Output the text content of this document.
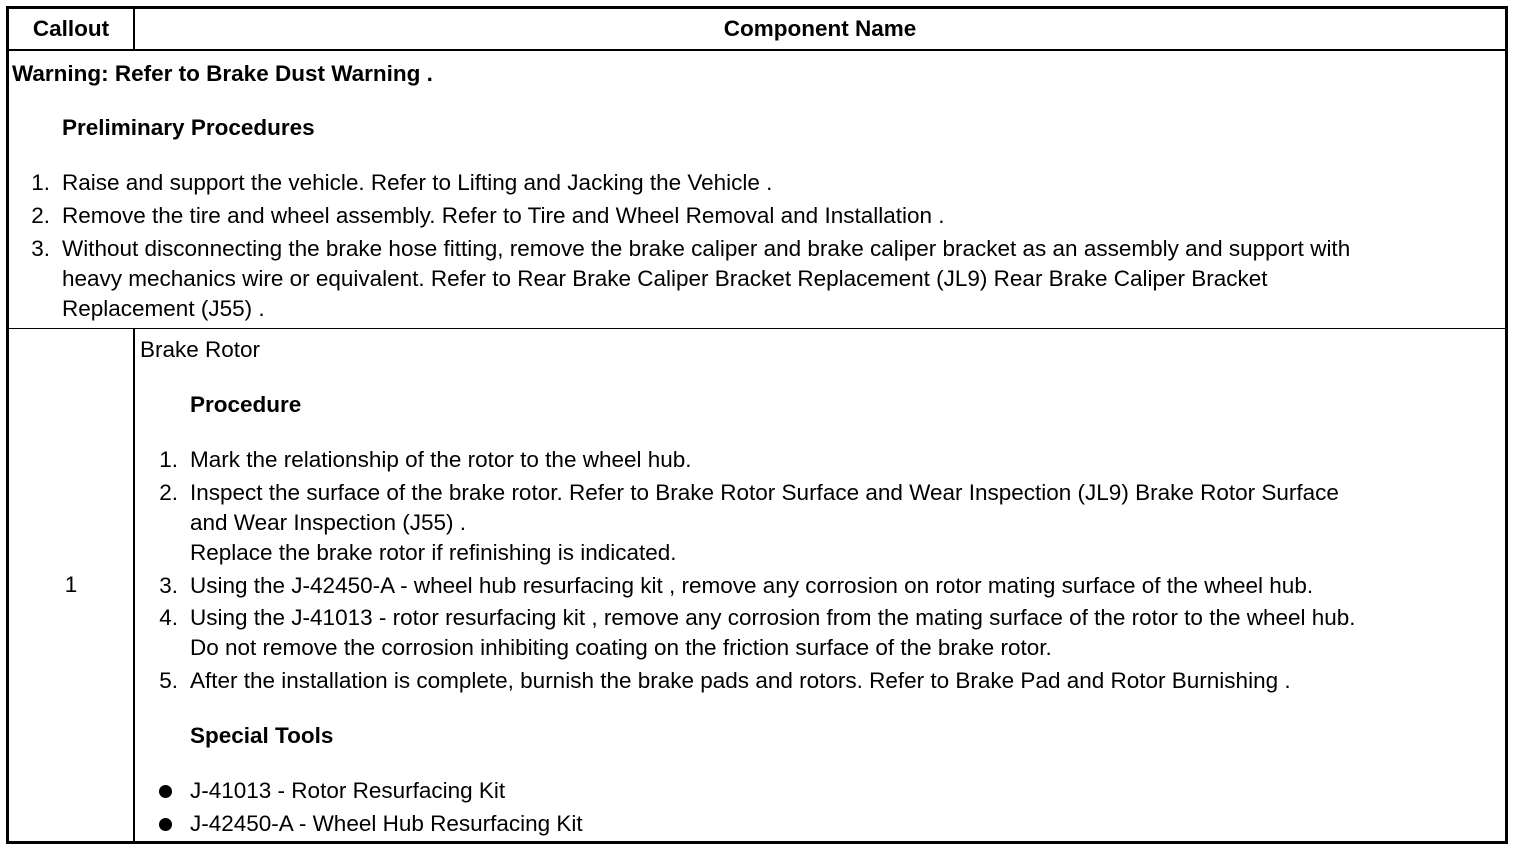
Callout	Component Name
Warning: Refer to Brake Dust Warning .
Preliminary Procedures
1. Raise and support the vehicle. Refer to Lifting and Jacking the Vehicle .
2. Remove the tire and wheel assembly. Refer to Tire and Wheel Removal and Installation .
3. Without disconnecting the brake hose fitting, remove the brake caliper and brake caliper bracket as an assembly and support with
heavy mechanics wire or equivalent. Refer to Rear Brake Caliper Bracket Replacement (JL9) Rear Brake Caliper Bracket
Replacement (J55) .
1
Brake Rotor
Procedure
1. Mark the relationship of the rotor to the wheel hub.
2. Inspect the surface of the brake rotor. Refer to Brake Rotor Surface and Wear Inspection (JL9) Brake Rotor Surface
and Wear Inspection (J55) .
Replace the brake rotor if refinishing is indicated.
3. Using the J-42450-A - wheel hub resurfacing kit , remove any corrosion on rotor mating surface of the wheel hub.
4. Using the J-41013 - rotor resurfacing kit , remove any corrosion from the mating surface of the rotor to the wheel hub.
Do not remove the corrosion inhibiting coating on the friction surface of the brake rotor.
5. After the installation is complete, burnish the brake pads and rotors. Refer to Brake Pad and Rotor Burnishing .
Special Tools
J-41013 - Rotor Resurfacing Kit
J-42450-A - Wheel Hub Resurfacing Kit
